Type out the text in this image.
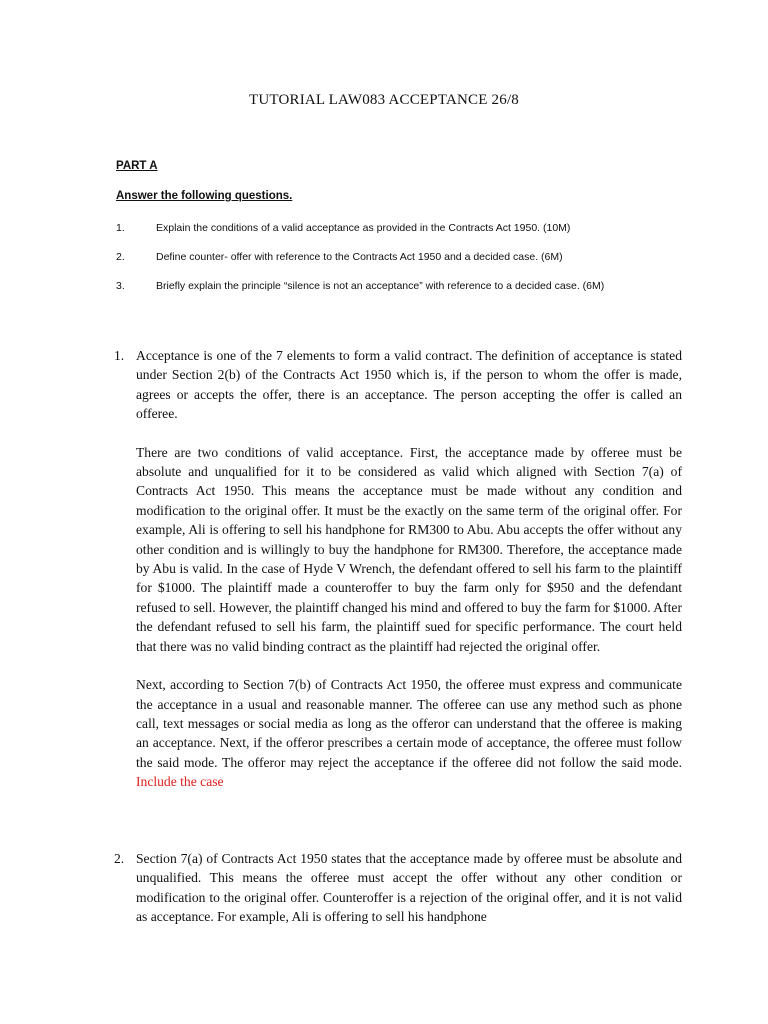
TUTORIAL LAW083 ACCEPTANCE 26/8
PART A
Answer the following questions.
1.	Explain the conditions of a valid acceptance as provided in the Contracts Act 1950. (10M)
2.	Define counter- offer with reference to the Contracts Act 1950 and a decided case. (6M)
3.	Briefly explain the principle “silence is not an acceptance” with reference to a decided case. (6M)
1. Acceptance is one of the 7 elements to form a valid contract. The definition of acceptance is stated under Section 2(b) of the Contracts Act 1950 which is, if the person to whom the offer is made, agrees or accepts the offer, there is an acceptance. The person accepting the offer is called an offeree.

There are two conditions of valid acceptance. First, the acceptance made by offeree must be absolute and unqualified for it to be considered as valid which aligned with Section 7(a) of Contracts Act 1950. This means the acceptance must be made without any condition and modification to the original offer. It must be the exactly on the same term of the original offer. For example, Ali is offering to sell his handphone for RM300 to Abu. Abu accepts the offer without any other condition and is willingly to buy the handphone for RM300. Therefore, the acceptance made by Abu is valid. In the case of Hyde V Wrench, the defendant offered to sell his farm to the plaintiff for $1000. The plaintiff made a counteroffer to buy the farm only for $950 and the defendant refused to sell. However, the plaintiff changed his mind and offered to buy the farm for $1000. After the defendant refused to sell his farm, the plaintiff sued for specific performance. The court held that there was no valid binding contract as the plaintiff had rejected the original offer.

Next, according to Section 7(b) of Contracts Act 1950, the offeree must express and communicate the acceptance in a usual and reasonable manner. The offeree can use any method such as phone call, text messages or social media as long as the offeror can understand that the offeree is making an acceptance. Next, if the offeror prescribes a certain mode of acceptance, the offeree must follow the said mode. The offeror may reject the acceptance if the offeree did not follow the said mode. Include the case

2. Section 7(a) of Contracts Act 1950 states that the acceptance made by offeree must be absolute and unqualified. This means the offeree must accept the offer without any other condition or modification to the original offer. Counteroffer is a rejection of the original offer, and it is not valid as acceptance. For example, Ali is offering to sell his handphone
